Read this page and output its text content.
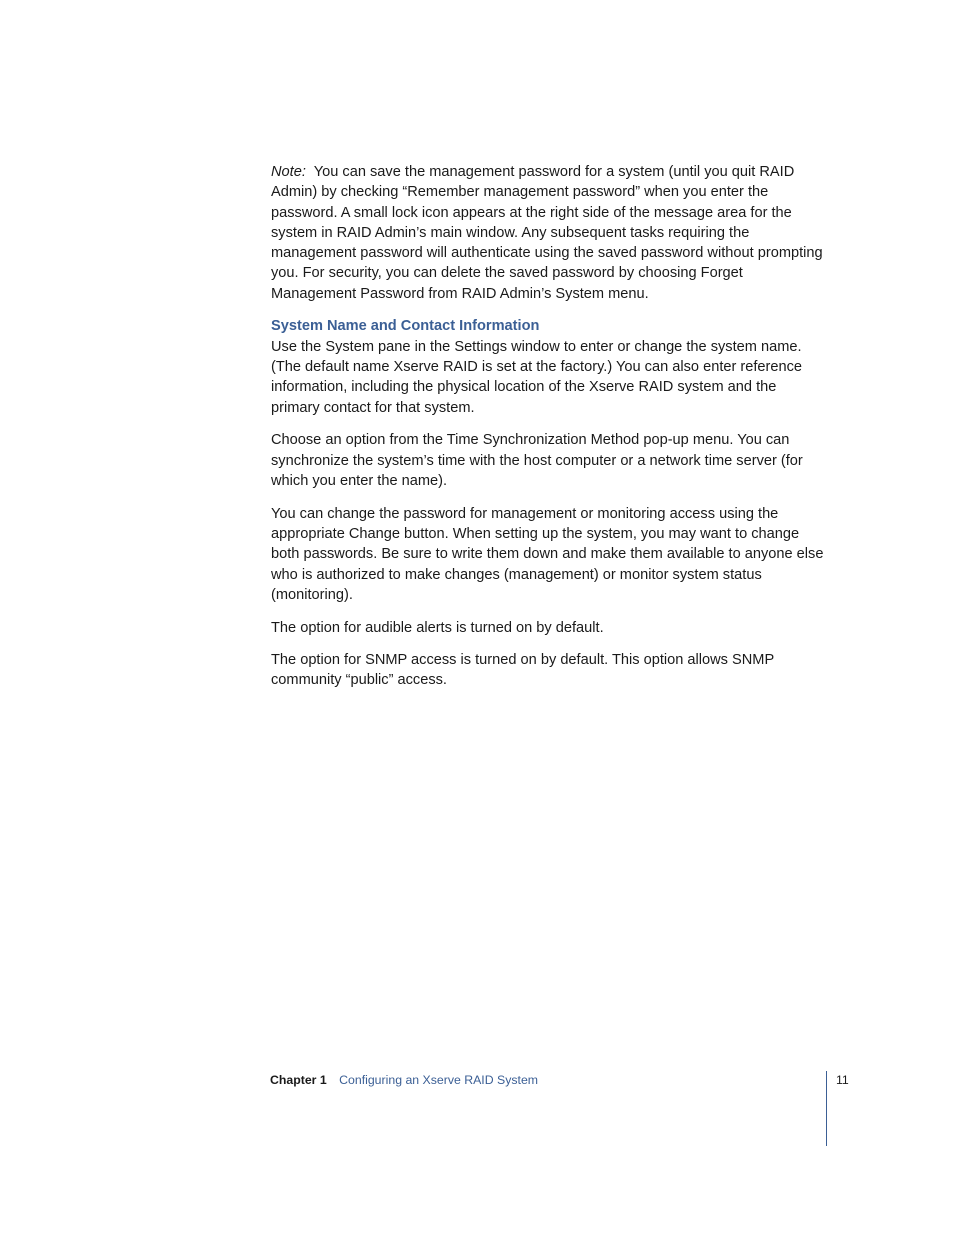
Note: You can save the management password for a system (until you quit RAID Admin) by checking “Remember management password” when you enter the password. A small lock icon appears at the right side of the message area for the system in RAID Admin’s main window. Any subsequent tasks requiring the management password will authenticate using the saved password without prompting you. For security, you can delete the saved password by choosing Forget Management Password from RAID Admin’s System menu.

System Name and Contact Information

Use the System pane in the Settings window to enter or change the system name. (The default name Xserve RAID is set at the factory.) You can also enter reference information, including the physical location of the Xserve RAID system and the primary contact for that system.

Choose an option from the Time Synchronization Method pop-up menu. You can synchronize the system’s time with the host computer or a network time server (for which you enter the name).

You can change the password for management or monitoring access using the appropriate Change button. When setting up the system, you may want to change both passwords. Be sure to write them down and make them available to anyone else who is authorized to make changes (management) or monitor system status (monitoring).

The option for audible alerts is turned on by default.

The option for SNMP access is turned on by default. This option allows SNMP community “public” access.

Chapter 1 Configuring an Xserve RAID System	11
